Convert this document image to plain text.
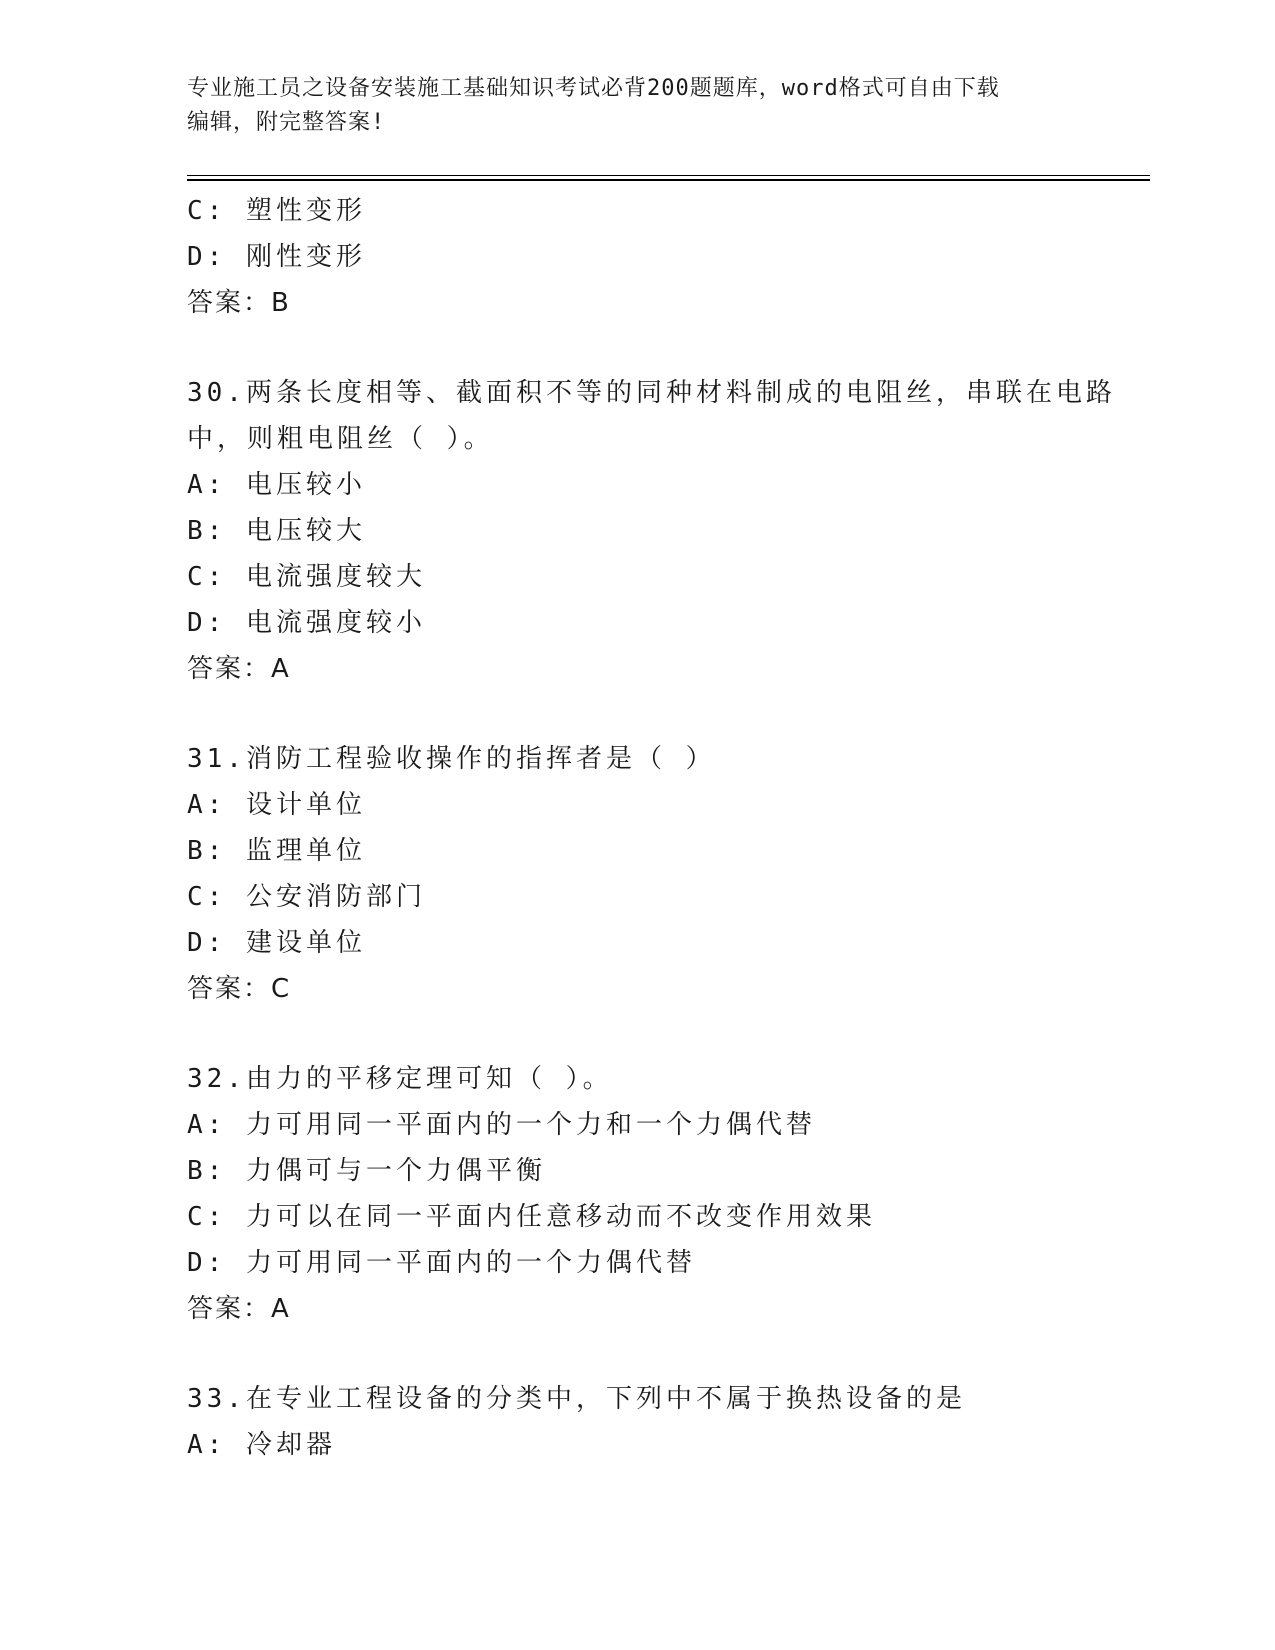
专业施工员之设备安装施工基础知识考试必背200题题库，word格式可自由下载
编辑，附完整答案!
C: 塑性变形
D: 刚性变形
答案：B
30.两条长度相等、截面积不等的同种材料制成的电阻丝，串联在电路
中，则粗电阻丝（ ）。
A: 电压较小
B: 电压较大
C: 电流强度较大
D: 电流强度较小
答案：A
31.消防工程验收操作的指挥者是（ ）
A: 设计单位
B: 监理单位
C: 公安消防部门
D: 建设单位
答案：C
32.由力的平移定理可知（ ）。
A: 力可用同一平面内的一个力和一个力偶代替
B: 力偶可与一个力偶平衡
C: 力可以在同一平面内任意移动而不改变作用效果
D: 力可用同一平面内的一个力偶代替
答案：A
33.在专业工程设备的分类中，下列中不属于换热设备的是
A: 冷却器
